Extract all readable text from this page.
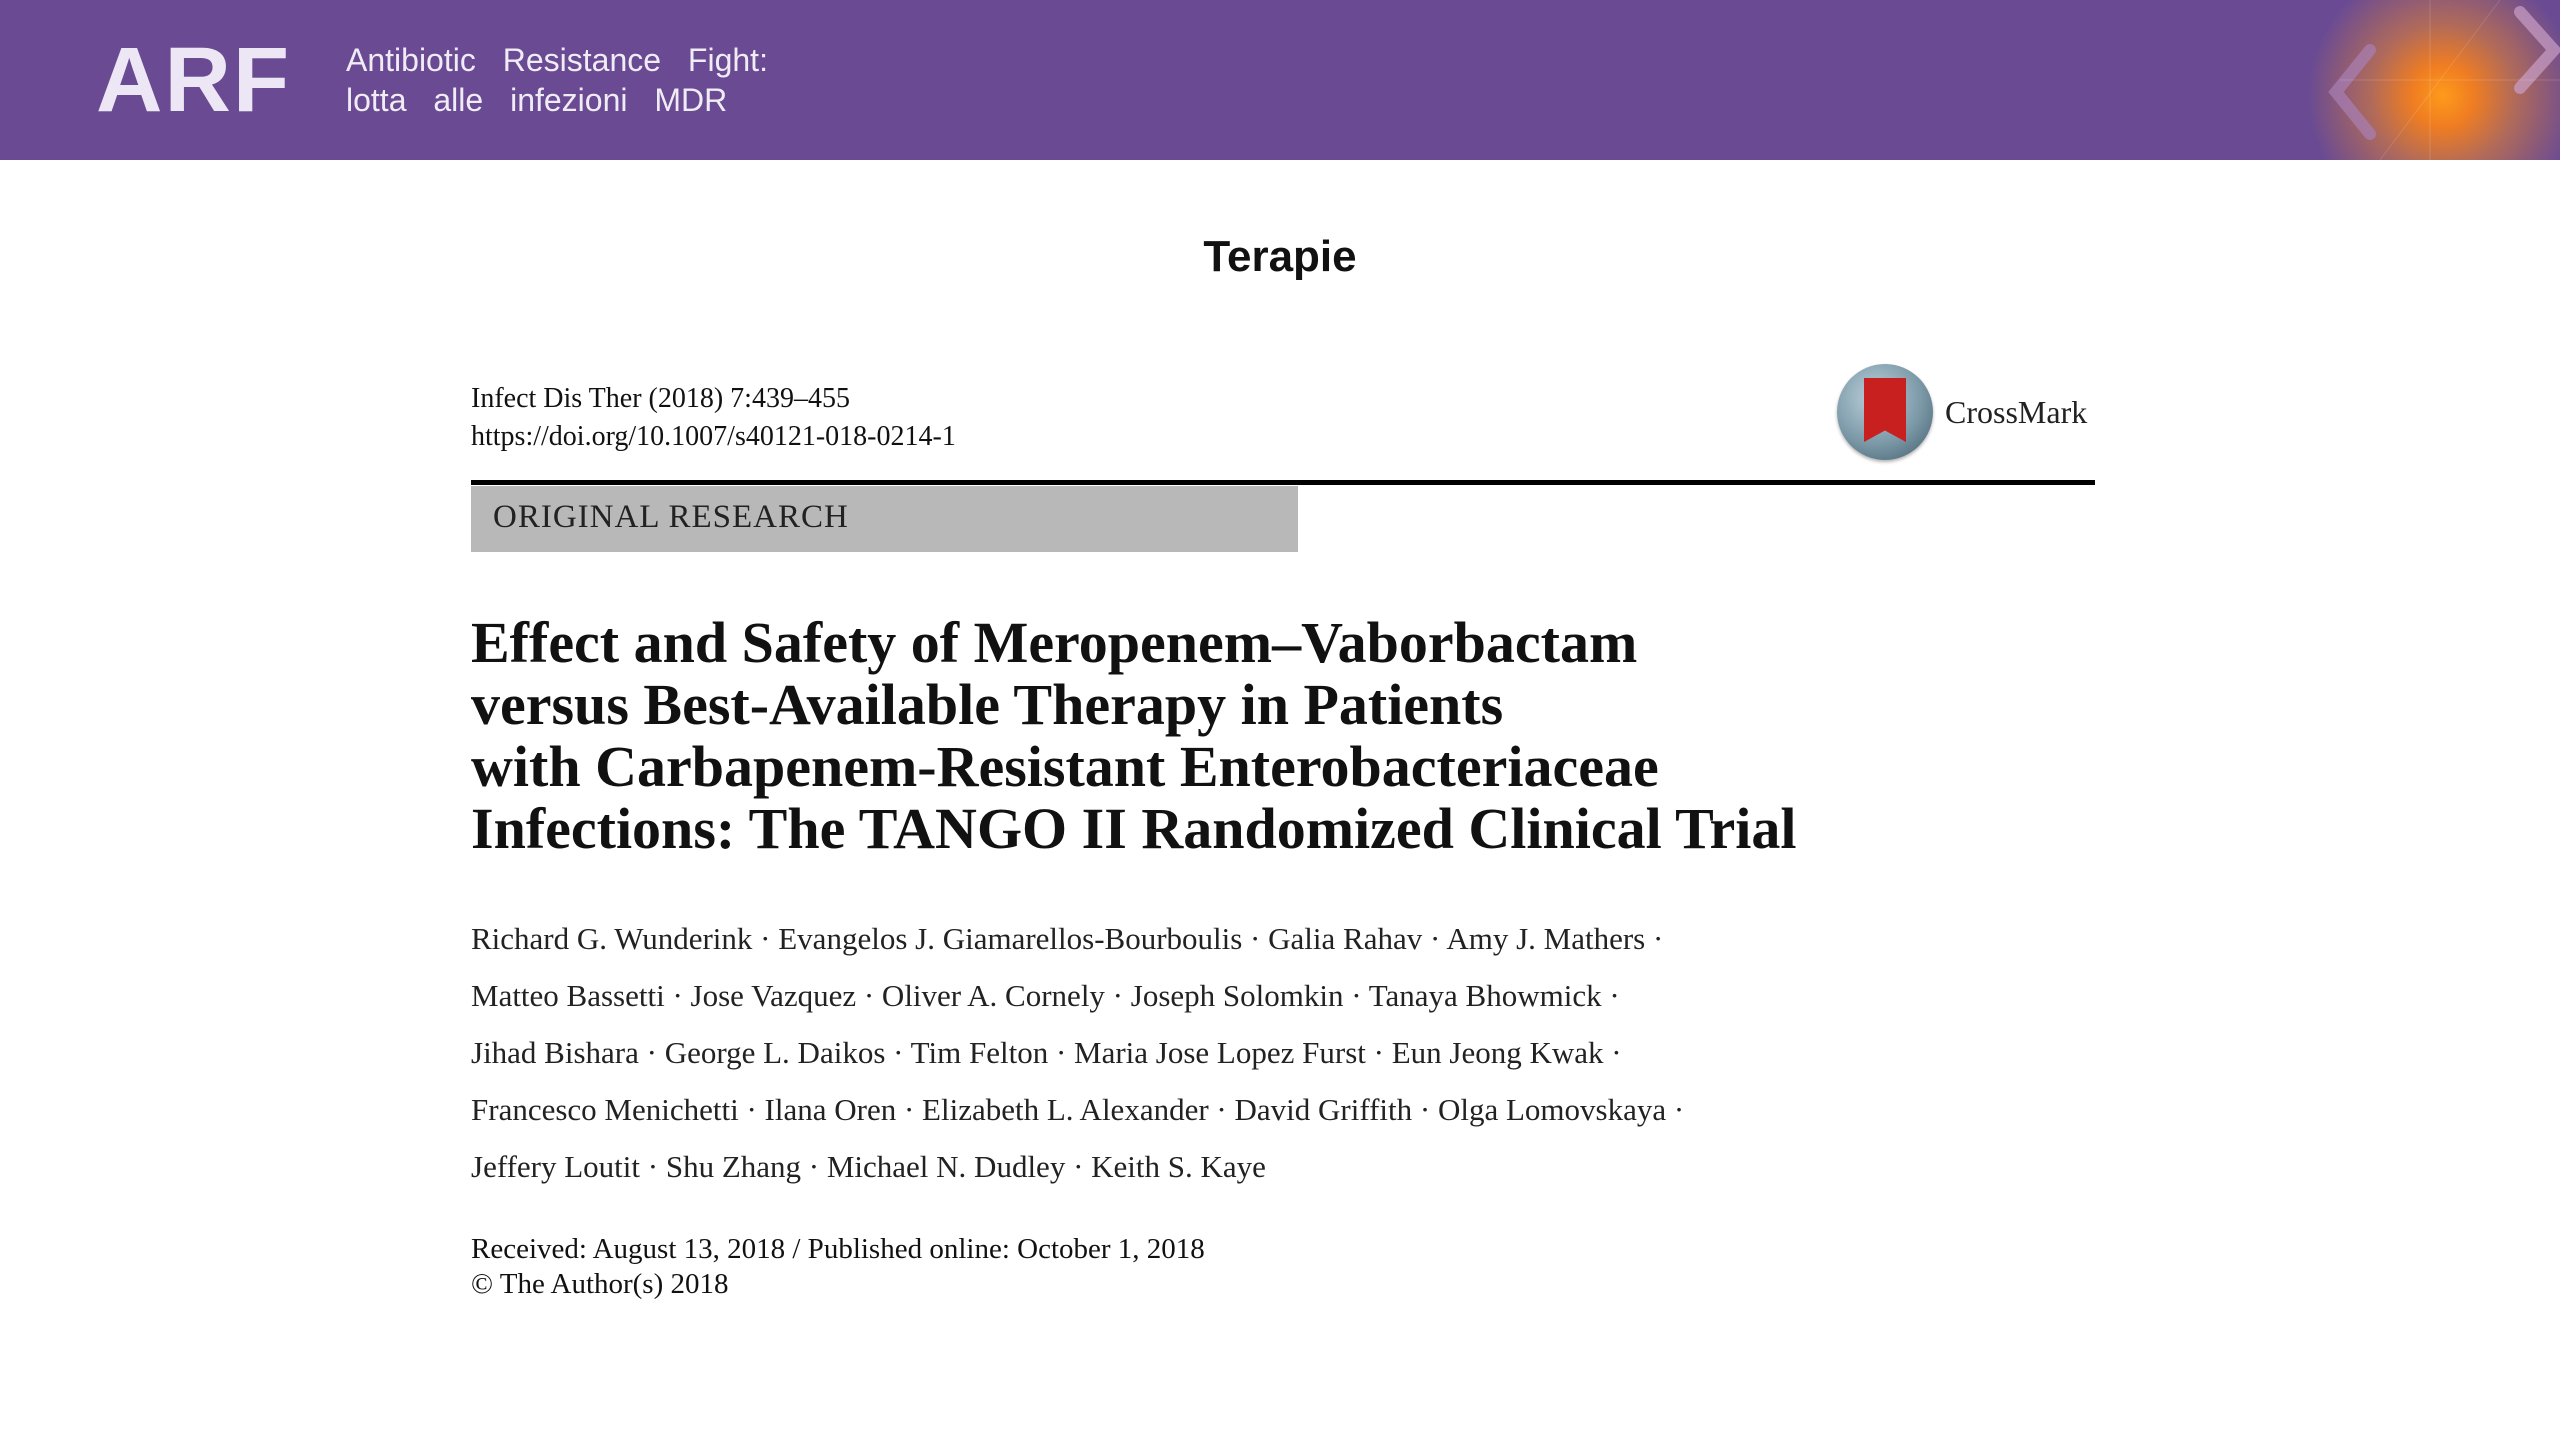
ARF Antibiotic Resistance Fight:
lotta alle infezioni MDR
Terapie
Infect Dis Ther (2018) 7:439–455
https://doi.org/10.1007/s40121-018-0214-1
CrossMark
ORIGINAL RESEARCH
Effect and Safety of Meropenem–Vaborbactam
versus Best-Available Therapy in Patients
with Carbapenem-Resistant Enterobacteriaceae
Infections: The TANGO II Randomized Clinical Trial
Richard G. Wunderink · Evangelos J. Giamarellos-Bourboulis · Galia Rahav · Amy J. Mathers ·
Matteo Bassetti · Jose Vazquez · Oliver A. Cornely · Joseph Solomkin · Tanaya Bhowmick ·
Jihad Bishara · George L. Daikos · Tim Felton · Maria Jose Lopez Furst · Eun Jeong Kwak ·
Francesco Menichetti · Ilana Oren · Elizabeth L. Alexander · David Griffith · Olga Lomovskaya ·
Jeffery Loutit · Shu Zhang · Michael N. Dudley · Keith S. Kaye
Received: August 13, 2018 / Published online: October 1, 2018
© The Author(s) 2018
